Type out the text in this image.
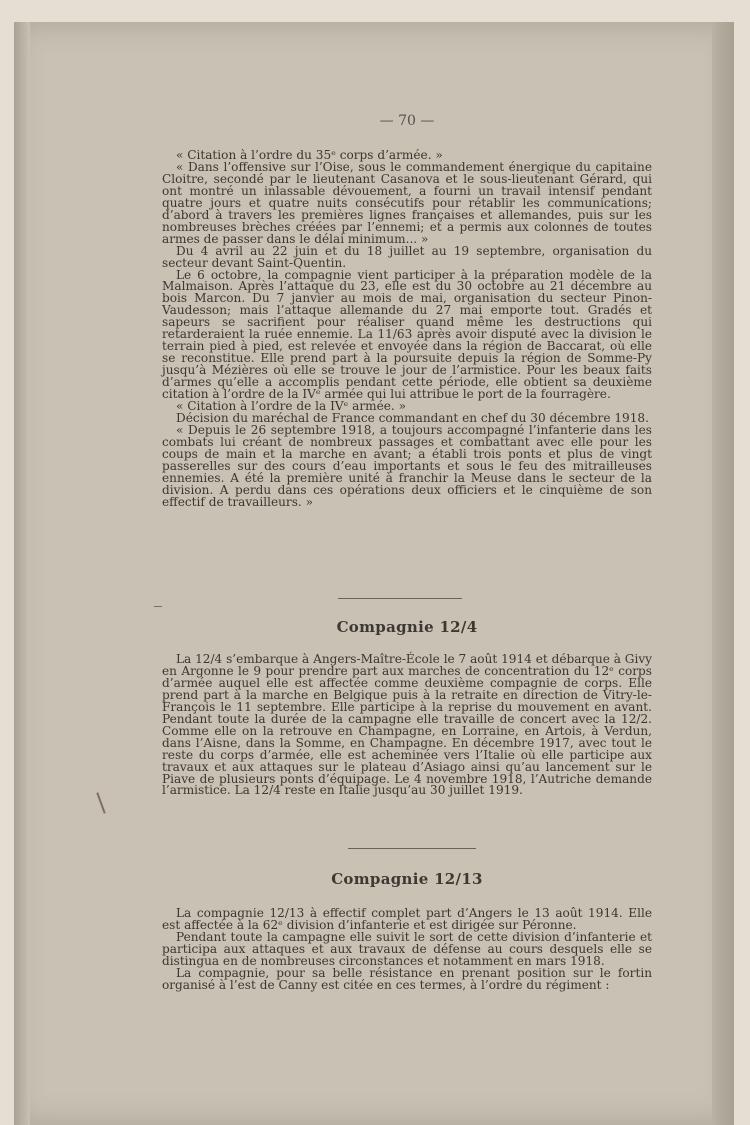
— 70 —

« Citation à l’ordre du 35ᵉ corps d’armée. »

« Dans l’offensive sur l’Oise, sous le commandement énergique du capitaine Cloitre, secondé par le lieutenant Casanova et le sous-lieutenant Gérard, qui ont montré un inlassable dévouement, a fourni un travail intensif pendant quatre jours et quatre nuits consécutifs pour rétablir les communications; d’abord à travers les premières lignes françaises et allemandes, puis sur les nombreuses brèches créées par l’ennemi; et a permis aux colonnes de toutes armes de passer dans le délai minimum... »

Du 4 avril au 22 juin et du 18 juillet au 19 septembre, organisation du secteur devant Saint-Quentin.

Le 6 octobre, la compagnie vient participer à la préparation modèle de la Malmaison. Après l’attaque du 23, elle est du 30 octobre au 21 décembre au bois Marcon. Du 7 janvier au mois de mai, organisation du secteur Pinon-Vaudesson; mais l’attaque allemande du 27 mai emporte tout. Gradés et sapeurs se sacrifient pour réaliser quand même les destructions qui retarderaient la ruée ennemie. La 11/63 après avoir disputé avec la division le terrain pied à pied, est relevée et envoyée dans la région de Baccarat, où elle se reconstitue. Elle prend part à la poursuite depuis la région de Somme-Py jusqu’à Mézières où elle se trouve le jour de l’armistice. Pour les beaux faits d’armes qu’elle a accomplis pendant cette période, elle obtient sa deuxième citation à l’ordre de la IVᵉ armée qui lui attribue le port de la fourragère.

« Citation à l’ordre de la IVᵉ armée. »

Décision du maréchal de France commandant en chef du 30 décembre 1918.

« Depuis le 26 septembre 1918, a toujours accompagné l’infanterie dans les combats lui créant de nombreux passages et combattant avec elle pour les coups de main et la marche en avant; a établi trois ponts et plus de vingt passerelles sur des cours d’eau importants et sous le feu des mitrailleuses ennemies. A été la première unité à franchir la Meuse dans le secteur de la division. A perdu dans ces opérations deux officiers et le cinquième de son effectif de travailleurs. »

Compagnie 12/4

La 12/4 s’embarque à Angers-Maître-École le 7 août 1914 et débarque à Givy en Argonne le 9 pour prendre part aux marches de concentration du 12ᵉ corps d’armée auquel elle est affectée comme deuxième compagnie de corps. Elle prend part à la marche en Belgique puis à la retraite en direction de Vitry-le-François le 11 septembre. Elle participe à la reprise du mouvement en avant. Pendant toute la durée de la campagne elle travaille de concert avec la 12/2. Comme elle on la retrouve en Champagne, en Lorraine, en Artois, à Verdun, dans l’Aisne, dans la Somme, en Champagne. En décembre 1917, avec tout le reste du corps d’armée, elle est acheminée vers l’Italie où elle participe aux travaux et aux attaques sur le plateau d’Asiago ainsi qu’au lancement sur le Piave de plusieurs ponts d’équipage. Le 4 novembre 1918, l’Autriche demande l’armistice. La 12/4 reste en Italie jusqu’au 30 juillet 1919.

Compagnie 12/13

La compagnie 12/13 à effectif complet part d’Angers le 13 août 1914. Elle est affectée à la 62ᵉ division d’infanterie et est dirigée sur Péronne.

Pendant toute la campagne elle suivit le sort de cette division d’infanterie et participa aux attaques et aux travaux de défense au cours desquels elle se distingua en de nombreuses circonstances et notamment en mars 1918.

La compagnie, pour sa belle résistance en prenant position sur le fortin organisé à l’est de Canny est citée en ces termes, à l’ordre du régiment :
